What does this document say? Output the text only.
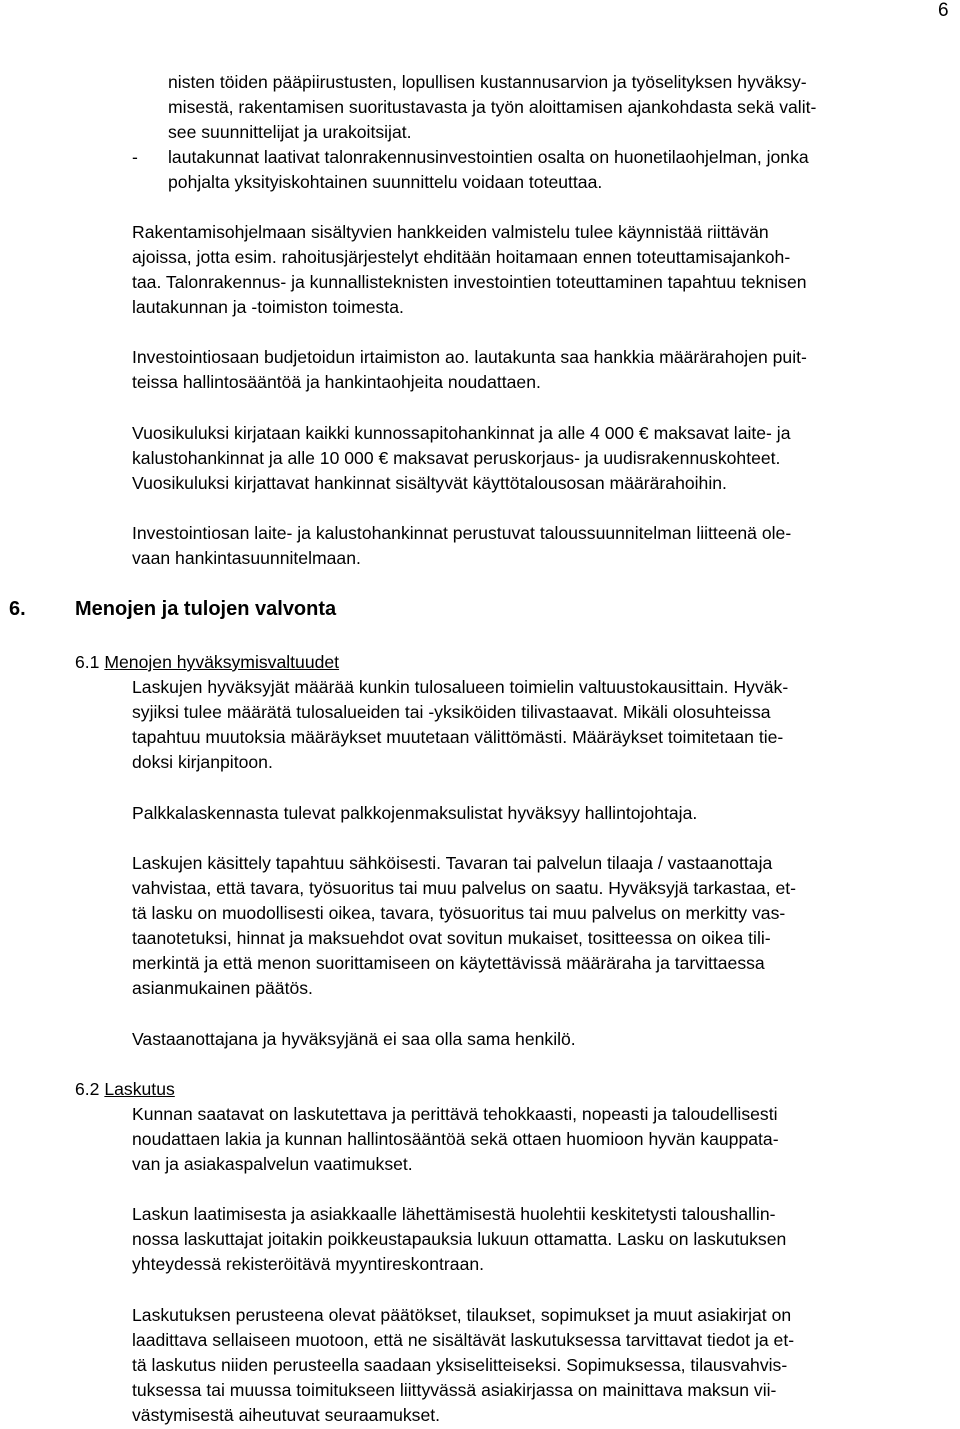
6
nisten töiden pääpiirustusten, lopullisen kustannusarvion ja työselityksen hyväksy-
misestä, rakentamisen suoritustavasta ja työn aloittamisen ajankohdasta sekä valit-
see suunnittelijat ja urakoitsijat.
- lautakunnat laativat talonrakennusinvestointien osalta on huonetilaohjelman, jonka
pohjalta yksityiskohtainen suunnittelu voidaan toteuttaa.
Rakentamisohjelmaan sisältyvien hankkeiden valmistelu tulee käynnistää riittävän
ajoissa, jotta esim. rahoitusjärjestelyt ehditään hoitamaan ennen toteuttamisajankoh-
taa. Talonrakennus- ja kunnallisteknisten investointien toteuttaminen tapahtuu teknisen
lautakunnan ja -toimiston toimesta.
Investointiosaan budjetoidun irtaimiston ao. lautakunta saa hankkia määrärahojen puit-
teissa hallintosääntöä ja hankintaohjeita noudattaen.
Vuosikuluksi kirjataan kaikki kunnossapitohankinnat ja alle 4 000 € maksavat laite- ja
kalustohankinnat ja alle 10 000 € maksavat peruskorjaus- ja uudisrakennuskohteet.
Vuosikuluksi kirjattavat hankinnat sisältyvät käyttötalousosan määrärahoihin.
Investointiosan laite- ja kalustohankinnat perustuvat taloussuunnitelman liitteenä ole-
vaan hankintasuunnitelmaan.
6. Menojen ja tulojen valvonta
6.1 Menojen hyväksymisvaltuudet
Laskujen hyväksyjät määrää kunkin tulosalueen toimielin valtuustokausittain. Hyväk-
syjiksi tulee määrätä tulosalueiden tai -yksiköiden tilivastaavat. Mikäli olosuhteissa
tapahtuu muutoksia määräykset muutetaan välittömästi. Määräykset toimitetaan tie-
doksi kirjanpitoon.
Palkkalaskennasta tulevat palkkojenmaksulistat hyväksyy hallintojohtaja.
Laskujen käsittely tapahtuu sähköisesti. Tavaran tai palvelun tilaaja / vastaanottaja
vahvistaa, että tavara, työsuoritus tai muu palvelus on saatu. Hyväksyjä tarkastaa, et-
tä lasku on muodollisesti oikea, tavara, työsuoritus tai muu palvelus on merkitty vas-
taanotetuksi, hinnat ja maksuehdot ovat sovitun mukaiset, tositteessa on oikea tili-
merkintä ja että menon suorittamiseen on käytettävissä määräraha ja tarvittaessa
asianmukainen päätös.
Vastaanottajana ja hyväksyjänä ei saa olla sama henkilö.
6.2 Laskutus
Kunnan saatavat on laskutettava ja perittävä tehokkaasti, nopeasti ja taloudellisesti
noudattaen lakia ja kunnan hallintosääntöä sekä ottaen huomioon hyvän kauppata-
van ja asiakaspalvelun vaatimukset.
Laskun laatimisesta ja asiakkaalle lähettämisestä huolehtii keskitetysti taloushallin-
nossa laskuttajat joitakin poikkeustapauksia lukuun ottamatta. Lasku on laskutuksen
yhteydessä rekisteröitävä myyntireskontraan.
Laskutuksen perusteena olevat päätökset, tilaukset, sopimukset ja muut asiakirjat on
laadittava sellaiseen muotoon, että ne sisältävät laskutuksessa tarvittavat tiedot ja et-
tä laskutus niiden perusteella saadaan yksiselitteiseksi. Sopimuksessa, tilausvahvis-
tuksessa tai muussa toimitukseen liittyvässä asiakirjassa on mainittava maksun vii-
västymisestä aiheutuvat seuraamukset.
